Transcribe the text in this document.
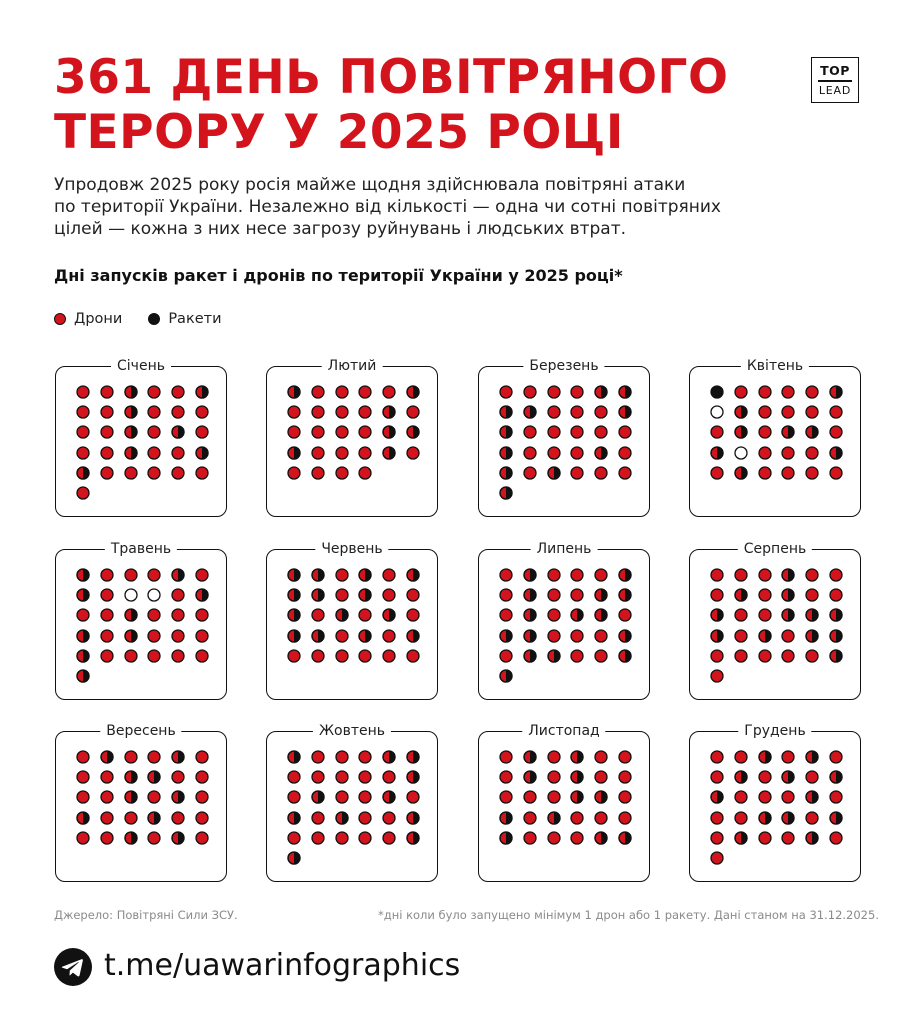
361 ДЕНЬ ПОВІТРЯНОГО
ТЕРОРУ У 2025 РОЦІ
TOP
LEAD

Упродовж 2025 року росія майже щодня здійснювала повітряні атаки
по території України. Незалежно від кількості — одна чи сотні повітряних
цілей — кожна з них несе загрозу руйнувань і людських втрат.

Дні запусків ракет і дронів по території України у 2025 році*
Дрони	Ракети
Січень	Лютий	Березень	Квітень
Травень	Червень	Липень	Серпень
Вересень	Жовтень	Листопад	Грудень
Джерело: Повітряні Сили ЗСУ.	*дні коли було запущено мінімум 1 дрон або 1 ракету. Дані станом на 31.12.2025.
t.me/uawarinfographics
